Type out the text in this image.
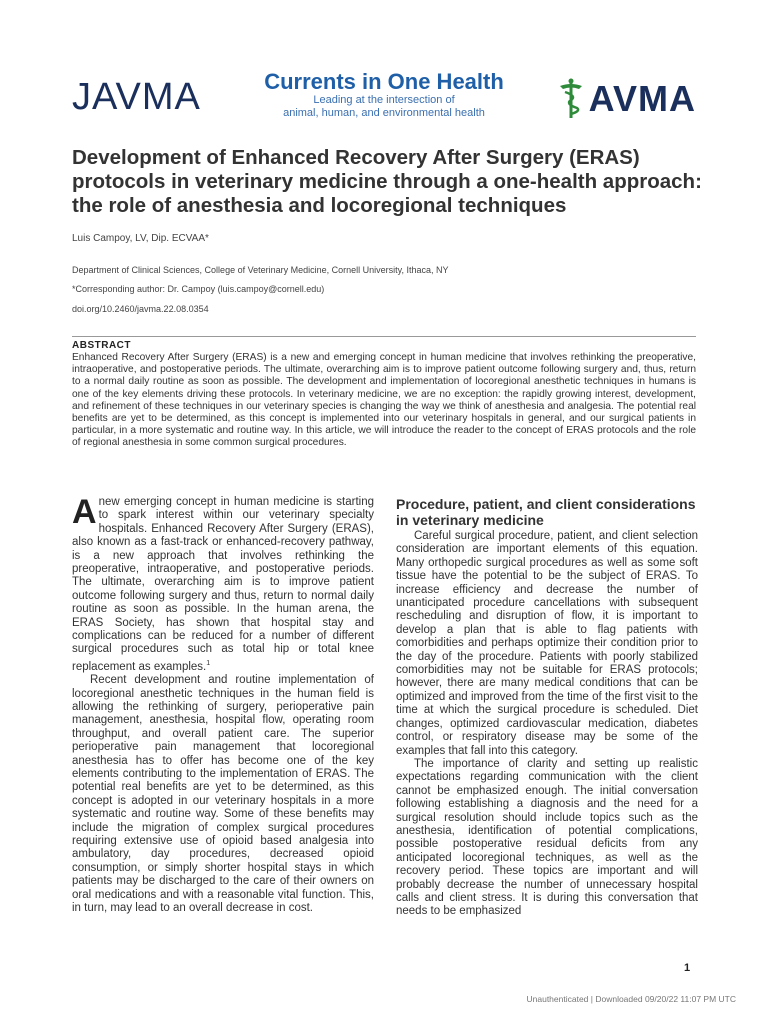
JAVMA	Currents in One Health
Leading at the intersection of
animal, human, and environmental health	AVMA
Development of Enhanced Recovery After Surgery (ERAS) protocols in veterinary medicine through a one-health approach: the role of anesthesia and locoregional techniques
Luis Campoy, LV, Dip. ECVAA*
Department of Clinical Sciences, College of Veterinary Medicine, Cornell University, Ithaca, NY
*Corresponding author: Dr. Campoy (luis.campoy@cornell.edu)
doi.org/10.2460/javma.22.08.0354
ABSTRACT
Enhanced Recovery After Surgery (ERAS) is a new and emerging concept in human medicine that involves rethinking the preoperative, intraoperative, and postoperative periods. The ultimate, overarching aim is to improve patient outcome following surgery and, thus, return to a normal daily routine as soon as possible. The development and implementation of locoregional anesthetic techniques in humans is one of the key elements driving these protocols. In veterinary medicine, we are no exception: the rapidly growing interest, development, and refinement of these techniques in our veterinary species is changing the way we think of anesthesia and analgesia. The potential real benefits are yet to be determined, as this concept is implemented into our veterinary hospitals in general, and our surgical patients in particular, in a more systematic and routine way. In this article, we will introduce the reader to the concept of ERAS protocols and the role of regional anesthesia in some common surgical procedures.

Anew emerging concept in human medicine is starting to spark interest within our veterinary specialty hospitals. Enhanced Recovery After Surgery (ERAS), also known as a fast-track or enhanced-recovery pathway, is a new approach that involves rethinking the preoperative, intraoperative, and postoperative periods. The ultimate, overarching aim is to improve patient outcome following surgery and thus, return to normal daily routine as soon as possible. In the human arena, the ERAS Society, has shown that hospital stay and complications can be reduced for a number of different surgical procedures such as total hip or total knee replacement as examples.$^1$

Recent development and routine implementation of locoregional anesthetic techniques in the human field is allowing the rethinking of surgery, perioperative pain management, anesthesia, hospital flow, operating room throughput, and overall patient care. The superior perioperative pain management that locoregional anesthesia has to offer has become one of the key elements contributing to the implementation of ERAS. The potential real benefits are yet to be determined, as this concept is adopted in our veterinary hospitals in a more systematic and routine way. Some of these benefits may include the migration of complex surgical procedures requiring extensive use of opioid based analgesia into ambulatory, day procedures, decreased opioid consumption, or simply shorter hospital stays in which patients may be discharged to the care of their owners on oral medications and with a reasonable vital function. This, in turn, may lead to an overall decrease in cost.

Procedure, patient, and client considerations in veterinary medicine

Careful surgical procedure, patient, and client selection consideration are important elements of this equation. Many orthopedic surgical procedures as well as some soft tissue have the potential to be the subject of ERAS. To increase efficiency and decrease the number of unanticipated procedure cancellations with subsequent rescheduling and disruption of flow, it is important to develop a plan that is able to flag patients with comorbidities and perhaps optimize their condition prior to the day of the procedure. Patients with poorly stabilized comorbidities may not be suitable for ERAS protocols; however, there are many medical conditions that can be optimized and improved from the time of the first visit to the time at which the surgical procedure is scheduled. Diet changes, optimized cardiovascular medication, diabetes control, or respiratory disease may be some of the examples that fall into this category.

The importance of clarity and setting up realistic expectations regarding communication with the client cannot be emphasized enough. The initial conversation following establishing a diagnosis and the need for a surgical resolution should include topics such as the anesthesia, identification of potential complications, possible postoperative residual deficits from any anticipated locoregional techniques, as well as the recovery period. These topics are important and will probably decrease the number of unnecessary hospital calls and client stress. It is during this conversation that needs to be emphasized

1
Unauthenticated | Downloaded 09/20/22 11:07 PM UTC
